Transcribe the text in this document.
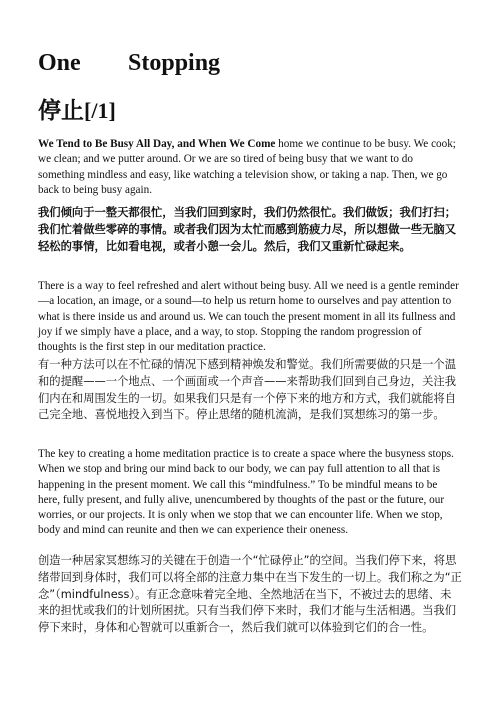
One Stopping
停止[/1]

We Tend to Be Busy All Day, and When We Come home we continue to be busy. We cook; we clean; and we putter around. Or we are so tired of being busy that we want to do something mindless and easy, like watching a television show, or taking a nap. Then, we go back to being busy again.

我们倾向于一整天都很忙，当我们回到家时，我们仍然很忙。我们做饭；我们打扫；我们忙着做些零碎的事情。或者我们因为太忙而感到筋疲力尽，所以想做一些无脑又轻松的事情，比如看电视，或者小憩一会儿。然后，我们又重新忙碌起来。

There is a way to feel refreshed and alert without being busy. All we need is a gentle reminder—a location, an image, or a sound—to help us return home to ourselves and pay attention to what is there inside us and around us. We can touch the present moment in all its fullness and joy if we simply have a place, and a way, to stop. Stopping the random progression of thoughts is the first step in our meditation practice.

有一种方法可以在不忙碌的情况下感到精神焕发和警觉。我们所需要做的只是一个温和的提醒——一个地点、一个画面或一个声音——来帮助我们回到自己身边，关注我们内在和周围发生的一切。如果我们只是有一个停下来的地方和方式，我们就能将自己完全地、喜悦地投入到当下。停止思绪的随机流淌，是我们冥想练习的第一步。

The key to creating a home meditation practice is to create a space where the busyness stops. When we stop and bring our mind back to our body, we can pay full attention to all that is happening in the present moment. We call this “mindfulness.” To be mindful means to be here, fully present, and fully alive, unencumbered by thoughts of the past or the future, our worries, or our projects. It is only when we stop that we can encounter life. When we stop, body and mind can reunite and then we can experience their oneness.

创造一种居家冥想练习的关键在于创造一个“忙碌停止”的空间。当我们停下来，将思绪带回到身体时，我们可以将全部的注意力集中在当下发生的一切上。我们称之为“正念”（mindfulness）。有正念意味着完全地、全然地活在当下，不被过去的思绪、未来的担忧或我们的计划所困扰。只有当我们停下来时，我们才能与生活相遇。当我们停下来时，身体和心智就可以重新合一，然后我们就可以体验到它们的合一性。
